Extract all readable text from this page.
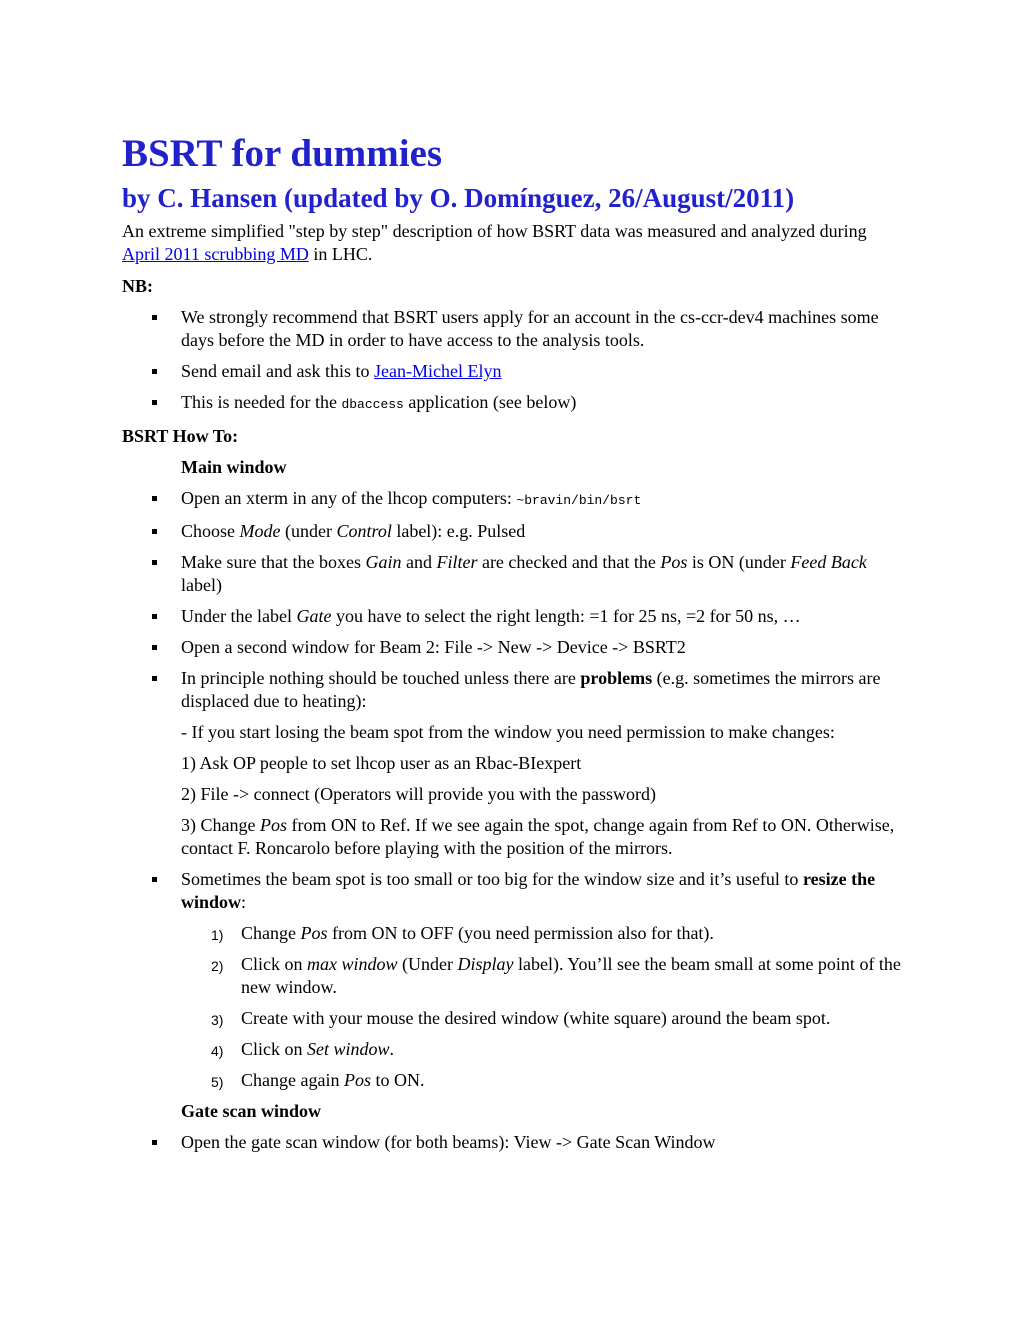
BSRT for dummies
by C. Hansen (updated by O. Domínguez, 26/August/2011)

An extreme simplified "step by step" description of how BSRT data was measured and analyzed during April 2011 scrubbing MD in LHC.

NB:

We strongly recommend that BSRT users apply for an account in the cs-ccr-dev4 machines some days before the MD in order to have access to the analysis tools.
Send email and ask this to Jean-Michel Elyn
This is needed for the dbaccess application (see below)

BSRT How To:

Main window

Open an xterm in any of the lhcop computers: ~bravin/bin/bsrt
Choose Mode (under Control label): e.g. Pulsed
Make sure that the boxes Gain and Filter are checked and that the Pos is ON (under Feed Back label)
Under the label Gate you have to select the right length: =1 for 25 ns, =2 for 50 ns, …
Open a second window for Beam 2: File -> New -> Device -> BSRT2
In principle nothing should be touched unless there are problems (e.g. sometimes the mirrors are displaced due to heating):

- If you start losing the beam spot from the window you need permission to make changes:

1) Ask OP people to set lhcop user as an Rbac-BIexpert

2) File -> connect (Operators will provide you with the password)

3) Change Pos from ON to Ref. If we see again the spot, change again from Ref to ON. Otherwise, contact F. Roncarolo before playing with the position of the mirrors.

Sometimes the beam spot is too small or too big for the window size and it’s useful to resize the window:
1) Change Pos from ON to OFF (you need permission also for that).
2) Click on max window (Under Display label). You’ll see the beam small at some point of the new window.
3) Create with your mouse the desired window (white square) around the beam spot.
4) Click on Set window.
5) Change again Pos to ON.

Gate scan window

Open the gate scan window (for both beams): View -> Gate Scan Window
